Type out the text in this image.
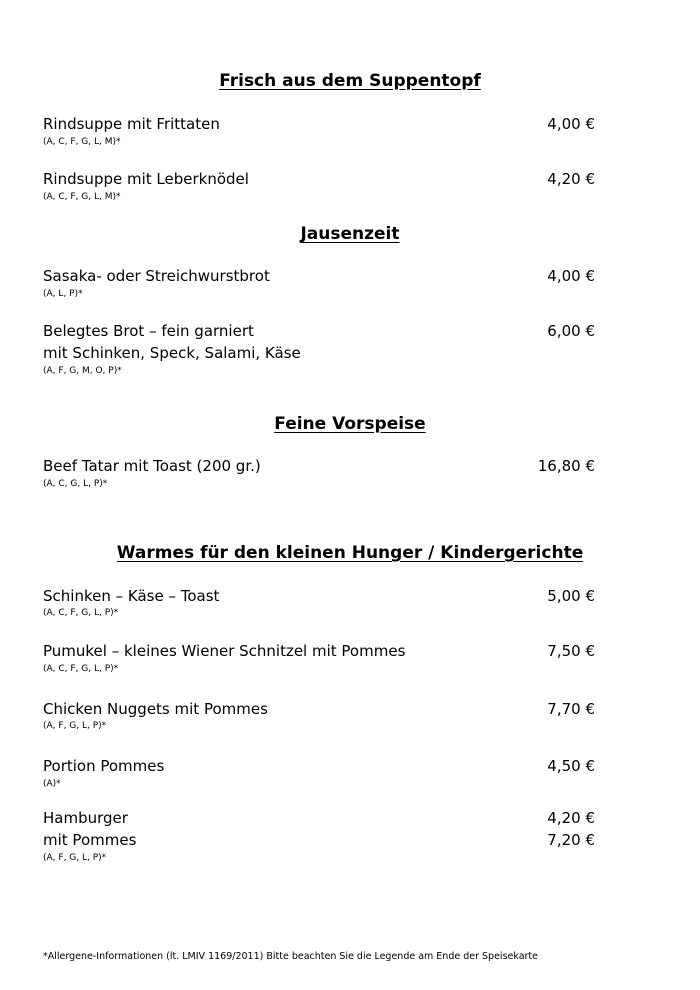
Frisch aus dem Suppentopf
Rindsuppe mit Frittaten	4,00 €
(A, C, F, G, L, M)*
Rindsuppe mit Leberknödel	4,20 €
(A, C, F, G, L, M)*
Jausenzeit
Sasaka- oder Streichwurstbrot	4,00 €
(A, L, P)*
Belegtes Brot – fein garniert	6,00 €
mit Schinken, Speck, Salami, Käse
(A, F, G, M, O, P)*
Feine Vorspeise
Beef Tatar mit Toast (200 gr.)	16,80 €
(A, C, G, L, P)*
Warmes für den kleinen Hunger / Kindergerichte
Schinken – Käse – Toast	5,00 €
(A, C, F, G, L, P)*
Pumukel – kleines Wiener Schnitzel mit Pommes	7,50 €
(A, C, F, G, L, P)*
Chicken Nuggets mit Pommes	7,70 €
(A, F, G, L, P)*
Portion Pommes	4,50 €
(A)*
Hamburger	4,20 €
mit Pommes	7,20 €
(A, F, G, L, P)*
*Allergene-Informationen (lt. LMIV 1169/2011) Bitte beachten Sie die Legende am Ende der Speisekarte
